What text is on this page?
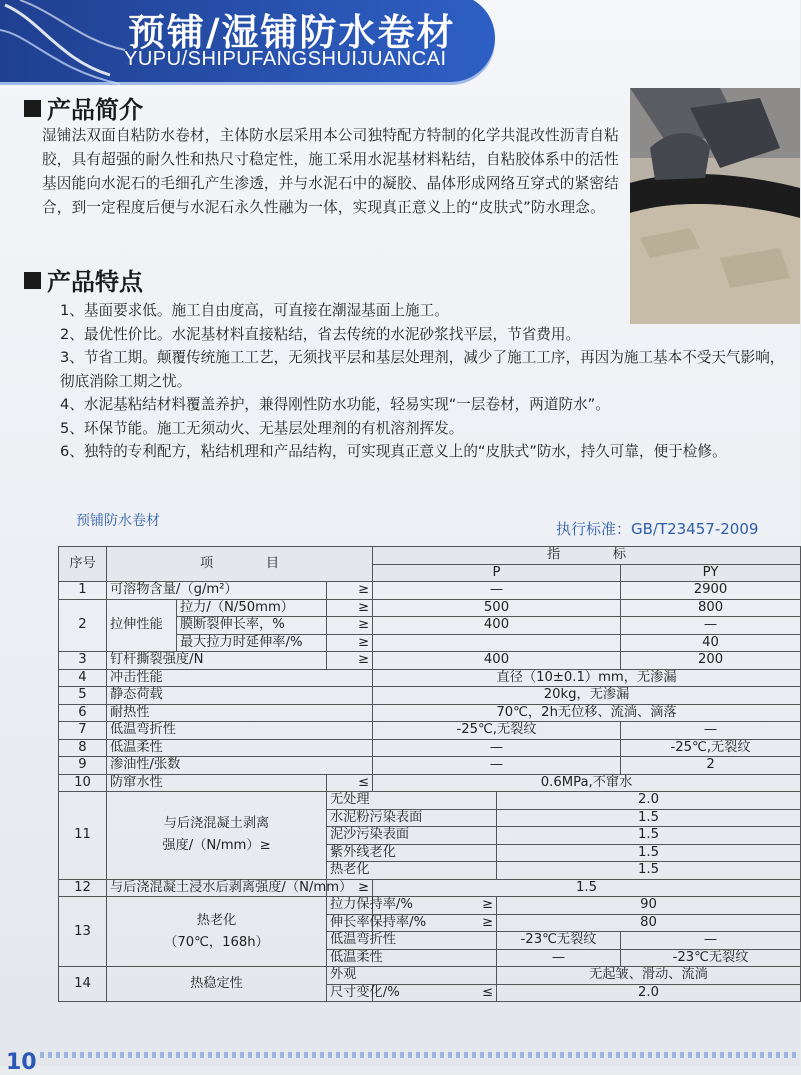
预铺/湿铺防水卷材
YUPU/SHIPUFANGSHUIJUANCAI
产品简介

湿铺法双面自粘防水卷材，主体防水层采用本公司独特配方特制的化学共混改性沥青自粘胶，具有超强的耐久性和热尺寸稳定性，施工采用水泥基材料粘结，自粘胶体系中的活性基因能向水泥石的毛细孔产生渗透，并与水泥石中的凝胶、晶体形成网络互穿式的紧密结合，到一定程度后便与水泥石永久性融为一体，实现真正意义上的“皮肤式”防水理念。

产品特点

1、基面要求低。施工自由度高，可直接在潮湿基面上施工。

2、最优性价比。水泥基材料直接粘结，省去传统的水泥砂浆找平层，节省费用。

3、节省工期。颠覆传统施工工艺，无须找平层和基层处理剂，减少了施工工序，再因为施工基本不受天气影响，彻底消除工期之忧。

4、水泥基粘结材料覆盖养护，兼得刚性防水功能，轻易实现“一层卷材，两道防水”。

5、环保节能。施工无须动火、无基层处理剂的有机溶剂挥发。

6、独特的专利配方，粘结机理和产品结构，可实现真正意义上的“皮肤式”防水，持久可靠，便于检修。

预铺防水卷材	执行标准：GB/T23457-2009
序号	项　　　　目			指　　　　标		
				P		PY
1	可溶物含量/（g/m²）		≥	—		2900
2	拉伸性能	拉力/（N/50mm）	≥	500		800
		膜断裂伸长率，%	≥	400		—
		最大拉力时延伸率/%	≥			40
3	钉杆撕裂强度/N		≥	400		200
4	冲击性能			直径（10±0.1）mm，无渗漏		
5	静态荷载			20kg，无渗漏		
6	耐热性			70℃，2h无位移、流淌、滴落		
7	低温弯折性			-25℃,无裂纹		—
8	低温柔性			—		-25℃,无裂纹
9	渗油性/张数			—		2
10	防窜水性		≤	0.6MPa,不窜水		
11	与后浇混凝土剥离
强度/（N/mm）≥		无处理		2.0	
			水泥粉污染表面		1.5	
			泥沙污染表面		1.5	
			紫外线老化		1.5	
			热老化		1.5	
12	与后浇混凝土浸水后剥离强度/（N/mm）		≥	1.5		
13	热老化
（70℃，168h）		拉力保持率/%	≥	90	
			伸长率保持率/%	≥	80	
			低温弯折性		-23℃无裂纹	—
			低温柔性		—	-23℃无裂纹
14	热稳定性		外观		无起皱、滑动、流淌	
			尺寸变化/%	≤	2.0	
10
